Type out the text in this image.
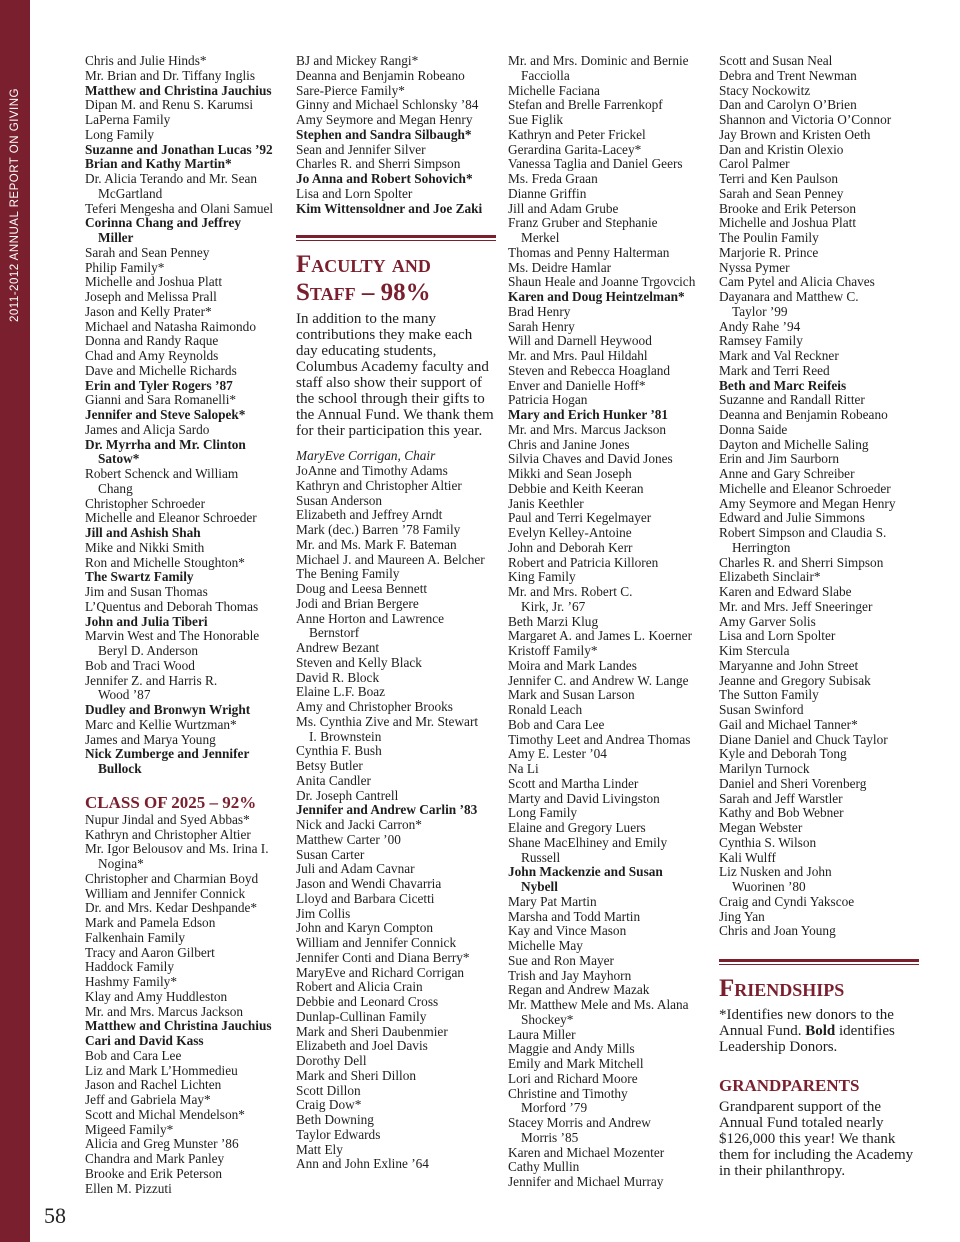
2011-2012 ANNUAL REPORT ON GIVING
Chris and Julie Hinds*
Mr. Brian and Dr. Tiffany Inglis
Matthew and Christina Jauchius
Dipan M. and Renu S. Karumsi
LaPerna Family
Long Family
Suzanne and Jonathan Lucas ’92
Brian and Kathy Martin*
Dr. Alicia Terando and Mr. Sean
McGartland
Teferi Mengesha and Olani Samuel
Corinna Chang and Jeffrey
Miller
Sarah and Sean Penney
Philip Family*
Michelle and Joshua Platt
Joseph and Melissa Prall
Jason and Kelly Prater*
Michael and Natasha Raimondo
Donna and Randy Raque
Chad and Amy Reynolds
Dave and Michelle Richards
Erin and Tyler Rogers ’87
Gianni and Sara Romanelli*
Jennifer and Steve Salopek*
James and Alicja Sardo
Dr. Myrrha and Mr. Clinton
Satow*
Robert Schenck and William
Chang
Christopher Schroeder
Michelle and Eleanor Schroeder
Jill and Ashish Shah
Mike and Nikki Smith
Ron and Michelle Stoughton*
The Swartz Family
Jim and Susan Thomas
L’Quentus and Deborah Thomas
John and Julia Tiberi
Marvin West and The Honorable
Beryl D. Anderson
Bob and Traci Wood
Jennifer Z. and Harris R.
Wood ’87
Dudley and Bronwyn Wright
Marc and Kellie Wurtzman*
James and Marya Young
Nick Zumberge and Jennifer
Bullock
CLASS OF 2025 – 92%
Nupur Jindal and Syed Abbas*
Kathryn and Christopher Altier
Mr. Igor Belousov and Ms. Irina I.
Nogina*
Christopher and Charmian Boyd
William and Jennifer Connick
Dr. and Mrs. Kedar Deshpande*
Mark and Pamela Edson
Falkenhain Family
Tracy and Aaron Gilbert
Haddock Family
Hashmy Family*
Klay and Amy Huddleston
Mr. and Mrs. Marcus Jackson
Matthew and Christina Jauchius
Cari and David Kass
Bob and Cara Lee
Liz and Mark L’Hommedieu
Jason and Rachel Lichten
Jeff and Gabriela May*
Scott and Michal Mendelson*
Migeed Family*
Alicia and Greg Munster ’86
Chandra and Mark Panley
Brooke and Erik Peterson
Ellen M. Pizzuti
BJ and Mickey Rangi*
Deanna and Benjamin Robeano
Sare-Pierce Family*
Ginny and Michael Schlonsky ’84
Amy Seymore and Megan Henry
Stephen and Sandra Silbaugh*
Sean and Jennifer Silver
Charles R. and Sherri Simpson
Jo Anna and Robert Sohovich*
Lisa and Lorn Spolter
Kim Wittensoldner and Joe Zaki
Faculty and
Staff – 98%
In addition to the many contributions they make each day educating students, Columbus Academy faculty and staff also show their support of the school through their gifts to the Annual Fund. We thank them for their participation this year.
MaryEve Corrigan, Chair
JoAnne and Timothy Adams
Kathryn and Christopher Altier
Susan Anderson
Elizabeth and Jeffrey Arndt
Mark (dec.) Barren ’78 Family
Mr. and Ms. Mark F. Bateman
Michael J. and Maureen A. Belcher
The Bening Family
Doug and Leesa Bennett
Jodi and Brian Bergere
Anne Horton and Lawrence
Bernstorf
Andrew Bezant
Steven and Kelly Black
David R. Block
Elaine L.F. Boaz
Amy and Christopher Brooks
Ms. Cynthia Zive and Mr. Stewart
I. Brownstein
Cynthia F. Bush
Betsy Butler
Anita Candler
Dr. Joseph Cantrell
Jennifer and Andrew Carlin ’83
Nick and Jacki Carron*
Matthew Carter ’00
Susan Carter
Juli and Adam Cavnar
Jason and Wendi Chavarria
Lloyd and Barbara Cicetti
Jim Collis
John and Karyn Compton
William and Jennifer Connick
Jennifer Conti and Diana Berry*
MaryEve and Richard Corrigan
Robert and Alicia Crain
Debbie and Leonard Cross
Dunlap-Cullinan Family
Mark and Sheri Daubenmier
Elizabeth and Joel Davis
Dorothy Dell
Mark and Sheri Dillon
Scott Dillon
Craig Dow*
Beth Downing
Taylor Edwards
Matt Ely
Ann and John Exline ’64
Mr. and Mrs. Dominic and Bernie
Facciolla
Michelle Faciana
Stefan and Brelle Farrenkopf
Sue Figlik
Kathryn and Peter Frickel
Gerardina Garita-Lacey*
Vanessa Taglia and Daniel Geers
Ms. Freda Graan
Dianne Griffin
Jill and Adam Grube
Franz Gruber and Stephanie
Merkel
Thomas and Penny Halterman
Ms. Deidre Hamlar
Shaun Heale and Joanne Trgovcich
Karen and Doug Heintzelman*
Brad Henry
Sarah Henry
Will and Darnell Heywood
Mr. and Mrs. Paul Hildahl
Steven and Rebecca Hoagland
Enver and Danielle Hoff*
Patricia Hogan
Mary and Erich Hunker ’81
Mr. and Mrs. Marcus Jackson
Chris and Janine Jones
Silvia Chaves and David Jones
Mikki and Sean Joseph
Debbie and Keith Keeran
Janis Keethler
Paul and Terri Kegelmayer
Evelyn Kelley-Antoine
John and Deborah Kerr
Robert and Patricia Killoren
King Family
Mr. and Mrs. Robert C.
Kirk, Jr. ’67
Beth Marzi Klug
Margaret A. and James L. Koerner
Kristoff Family*
Moira and Mark Landes
Jennifer C. and Andrew W. Lange
Mark and Susan Larson
Ronald Leach
Bob and Cara Lee
Timothy Leet and Andrea Thomas
Amy E. Lester ’04
Na Li
Scott and Martha Linder
Marty and David Livingston
Long Family
Elaine and Gregory Luers
Shane MacElhiney and Emily
Russell
John Mackenzie and Susan
Nybell
Mary Pat Martin
Marsha and Todd Martin
Kay and Vince Mason
Michelle May
Sue and Ron Mayer
Trish and Jay Mayhorn
Regan and Andrew Mazak
Mr. Matthew Mele and Ms. Alana
Shockey*
Laura Miller
Maggie and Andy Mills
Emily and Mark Mitchell
Lori and Richard Moore
Christine and Timothy
Morford ’79
Stacey Morris and Andrew
Morris ’85
Karen and Michael Mozenter
Cathy Mullin
Jennifer and Michael Murray
Scott and Susan Neal
Debra and Trent Newman
Stacy Nockowitz
Dan and Carolyn O’Brien
Shannon and Victoria O’Connor
Jay Brown and Kristen Oeth
Dan and Kristin Olexio
Carol Palmer
Terri and Ken Paulson
Sarah and Sean Penney
Brooke and Erik Peterson
Michelle and Joshua Platt
The Poulin Family
Marjorie R. Prince
Nyssa Pymer
Cam Pytel and Alicia Chaves
Dayanara and Matthew C.
Taylor ’99
Andy Rahe ’94
Ramsey Family
Mark and Val Reckner
Mark and Terri Reed
Beth and Marc Reifeis
Suzanne and Randall Ritter
Deanna and Benjamin Robeano
Donna Saide
Dayton and Michelle Saling
Erin and Jim Saurborn
Anne and Gary Schreiber
Michelle and Eleanor Schroeder
Amy Seymore and Megan Henry
Edward and Julie Simmons
Robert Simpson and Claudia S.
Herrington
Charles R. and Sherri Simpson
Elizabeth Sinclair*
Karen and Edward Slabe
Mr. and Mrs. Jeff Sneeringer
Amy Garver Solis
Lisa and Lorn Spolter
Kim Stercula
Maryanne and John Street
Jeanne and Gregory Subisak
The Sutton Family
Susan Swinford
Gail and Michael Tanner*
Diane Daniel and Chuck Taylor
Kyle and Deborah Tong
Marilyn Turnock
Daniel and Sheri Vorenberg
Sarah and Jeff Warstler
Kathy and Bob Webner
Megan Webster
Cynthia S. Wilson
Kali Wulff
Liz Nusken and John
Wuorinen ’80
Craig and Cyndi Yakscoe
Jing Yan
Chris and Joan Young
Friendships
*Identifies new donors to the Annual Fund. Bold identifies Leadership Donors.
GRANDPARENTS
Grandparent support of the Annual Fund totaled nearly $126,000 this year! We thank them for including the Academy in their philanthropy.
58
